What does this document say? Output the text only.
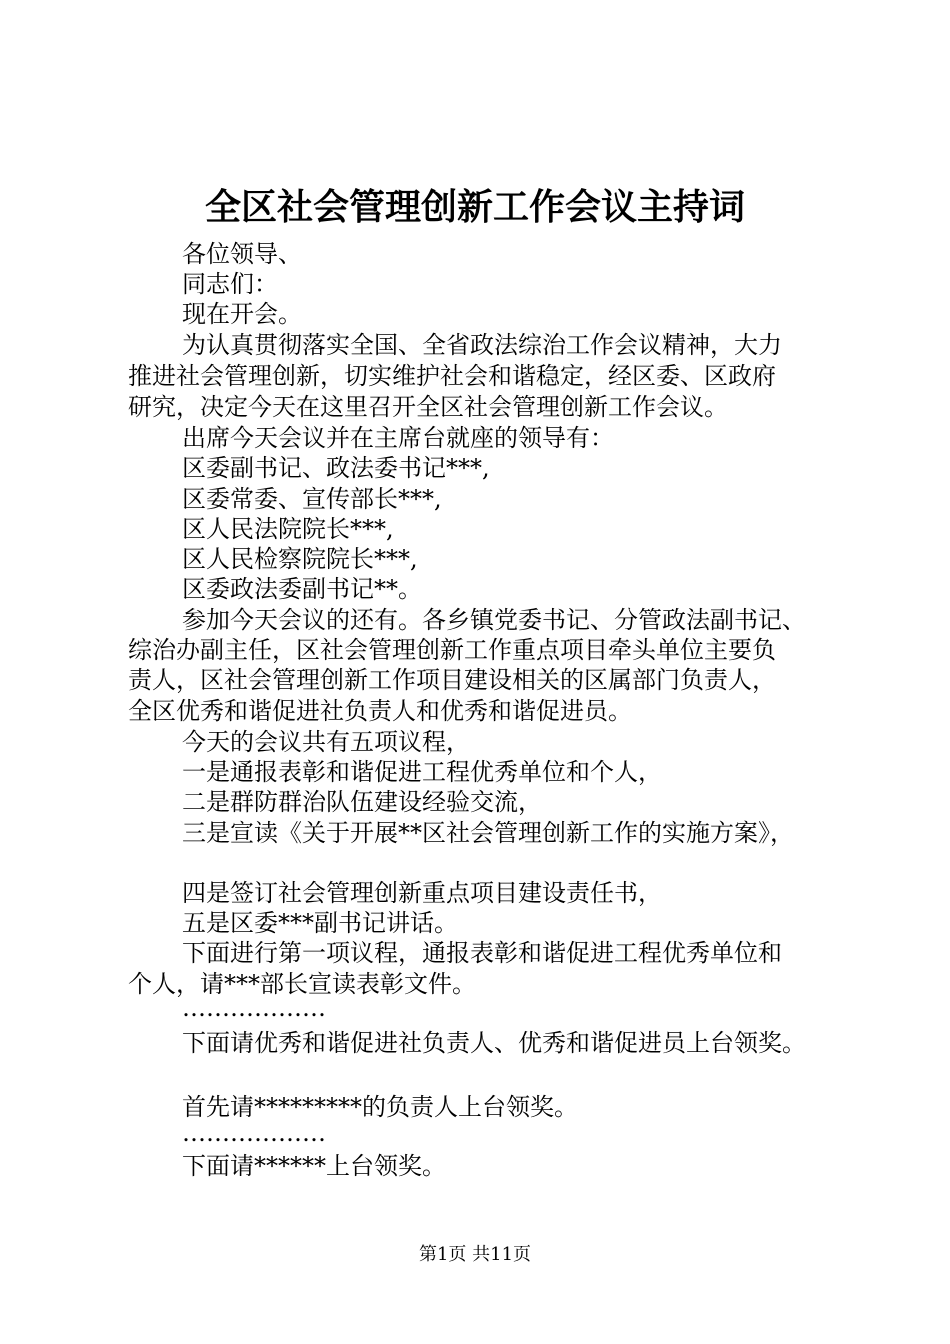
全区社会管理创新工作会议主持词
各位领导、
同志们：
现在开会。
为认真贯彻落实全国、全省政法综治工作会议精神，大力
推进社会管理创新，切实维护社会和谐稳定，经区委、区政府
研究，决定今天在这里召开全区社会管理创新工作会议。
出席今天会议并在主席台就座的领导有：
区委副书记、政法委书记***,
区委常委、宣传部长***,
区人民法院院长***,
区人民检察院院长***,
区委政法委副书记**。
参加今天会议的还有。各乡镇党委书记、分管政法副书记、
综治办副主任，区社会管理创新工作重点项目牵头单位主要负
责人，区社会管理创新工作项目建设相关的区属部门负责人，
全区优秀和谐促进社负责人和优秀和谐促进员。
今天的会议共有五项议程，
一是通报表彰和谐促进工程优秀单位和个人，
二是群防群治队伍建设经验交流，
三是宣读《关于开展**区社会管理创新工作的实施方案》，
四是签订社会管理创新重点项目建设责任书，
五是区委***副书记讲话。
下面进行第一项议程，通报表彰和谐促进工程优秀单位和
个人，请***部长宣读表彰文件。
………………
下面请优秀和谐促进社负责人、优秀和谐促进员上台领奖。
首先请*********的负责人上台领奖。
………………
下面请******上台领奖。
第1页 共11页
